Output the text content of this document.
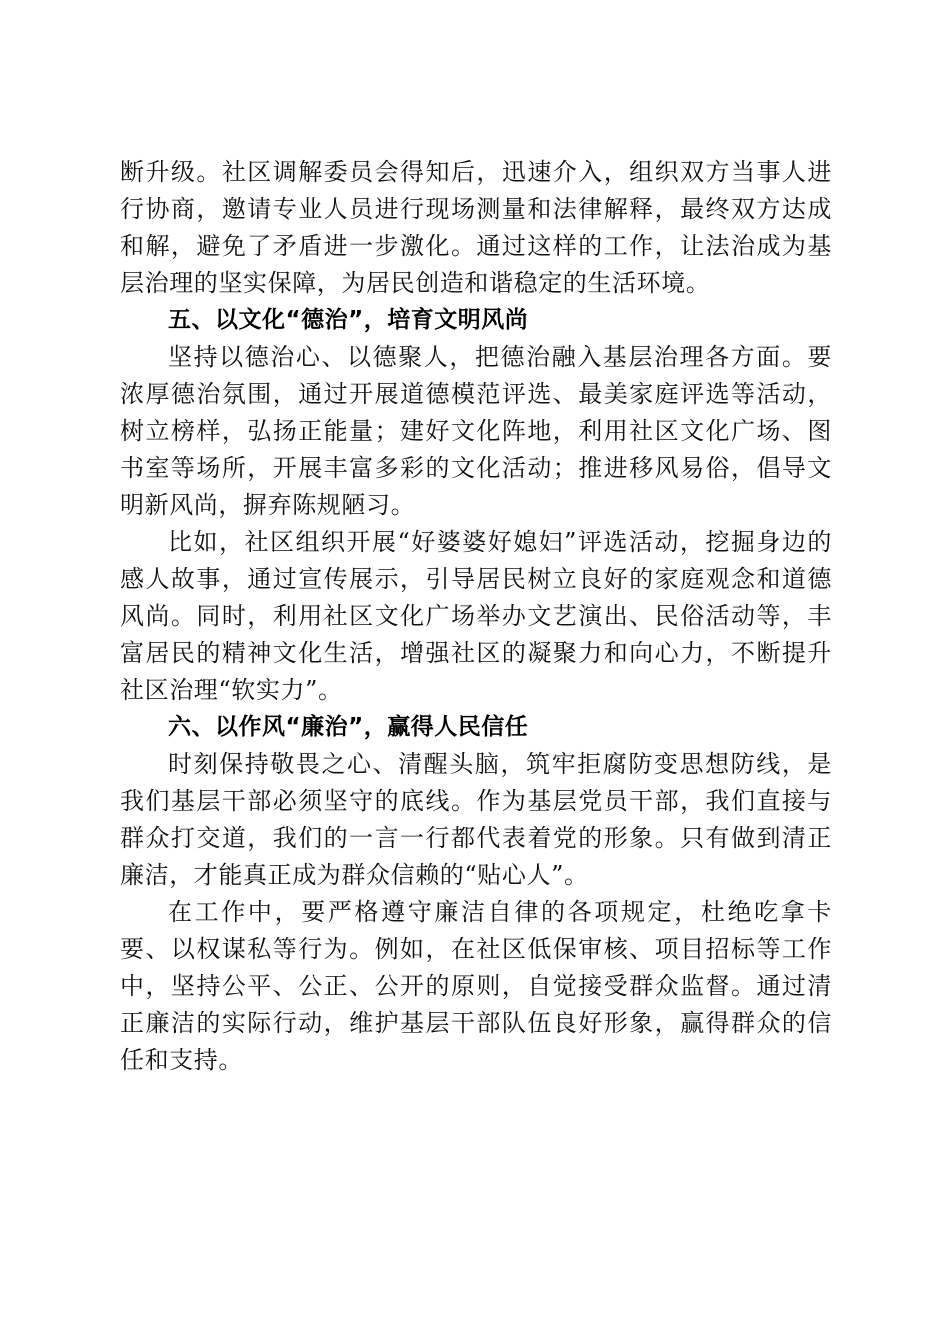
断升级。社区调解委员会得知后，迅速介入，组织双方当事人进行协商，邀请专业人员进行现场测量和法律解释，最终双方达成和解，避免了矛盾进一步激化。通过这样的工作，让法治成为基层治理的坚实保障，为居民创造和谐稳定的生活环境。

五、以文化“德治”，培育文明风尚

坚持以德治心、以德聚人，把德治融入基层治理各方面。要浓厚德治氛围，通过开展道德模范评选、最美家庭评选等活动，树立榜样，弘扬正能量；建好文化阵地，利用社区文化广场、图书室等场所，开展丰富多彩的文化活动；推进移风易俗，倡导文明新风尚，摒弃陈规陋习。

比如，社区组织开展“好婆婆好媳妇”评选活动，挖掘身边的感人故事，通过宣传展示，引导居民树立良好的家庭观念和道德风尚。同时，利用社区文化广场举办文艺演出、民俗活动等，丰富居民的精神文化生活，增强社区的凝聚力和向心力，不断提升社区治理“软实力”。

六、以作风“廉治”，赢得人民信任

时刻保持敬畏之心、清醒头脑，筑牢拒腐防变思想防线，是我们基层干部必须坚守的底线。作为基层党员干部，我们直接与群众打交道，我们的一言一行都代表着党的形象。只有做到清正廉洁，才能真正成为群众信赖的“贴心人”。

在工作中，要严格遵守廉洁自律的各项规定，杜绝吃拿卡要、以权谋私等行为。例如，在社区低保审核、项目招标等工作中，坚持公平、公正、公开的原则，自觉接受群众监督。通过清正廉洁的实际行动，维护基层干部队伍良好形象，赢得群众的信任和支持。
